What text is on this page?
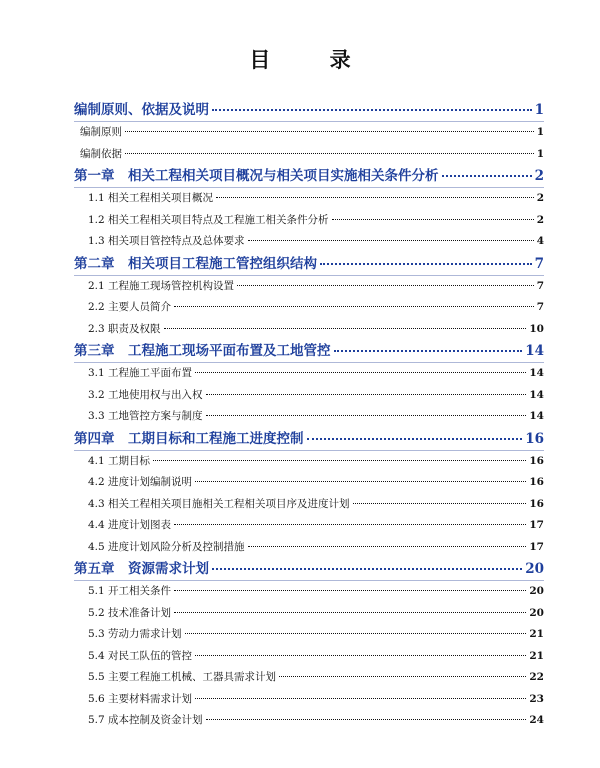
目 录
编制原则、依据及说明	1
编制原则	1
编制依据	1
第一章　相关工程相关项目概况与相关项目实施相关条件分析	2
1.1 相关工程相关项目概况	2
1.2 相关工程相关项目特点及工程施工相关条件分析	2
1.3 相关项目管控特点及总体要求	4
第二章　相关项目工程施工管控组织结构	7
2.1 工程施工现场管控机构设置	7
2.2 主要人员简介	7
2.3 职责及权限	10
第三章　工程施工现场平面布置及工地管控	14
3.1 工程施工平面布置	14
3.2 工地使用权与出入权	14
3.3 工地管控方案与制度	14
第四章　工期目标和工程施工进度控制	16
4.1 工期目标	16
4.2 进度计划编制说明	16
4.3 相关工程相关项目施相关工程相关项目序及进度计划	16
4.4 进度计划图表	17
4.5 进度计划风险分析及控制措施	17
第五章　资源需求计划	20
5.1 开工相关条件	20
5.2 技术准备计划	20
5.3 劳动力需求计划	21
5.4 对民工队伍的管控	21
5.5 主要工程施工机械、工器具需求计划	22
5.6 主要材料需求计划	23
5.7 成本控制及资金计划	24
